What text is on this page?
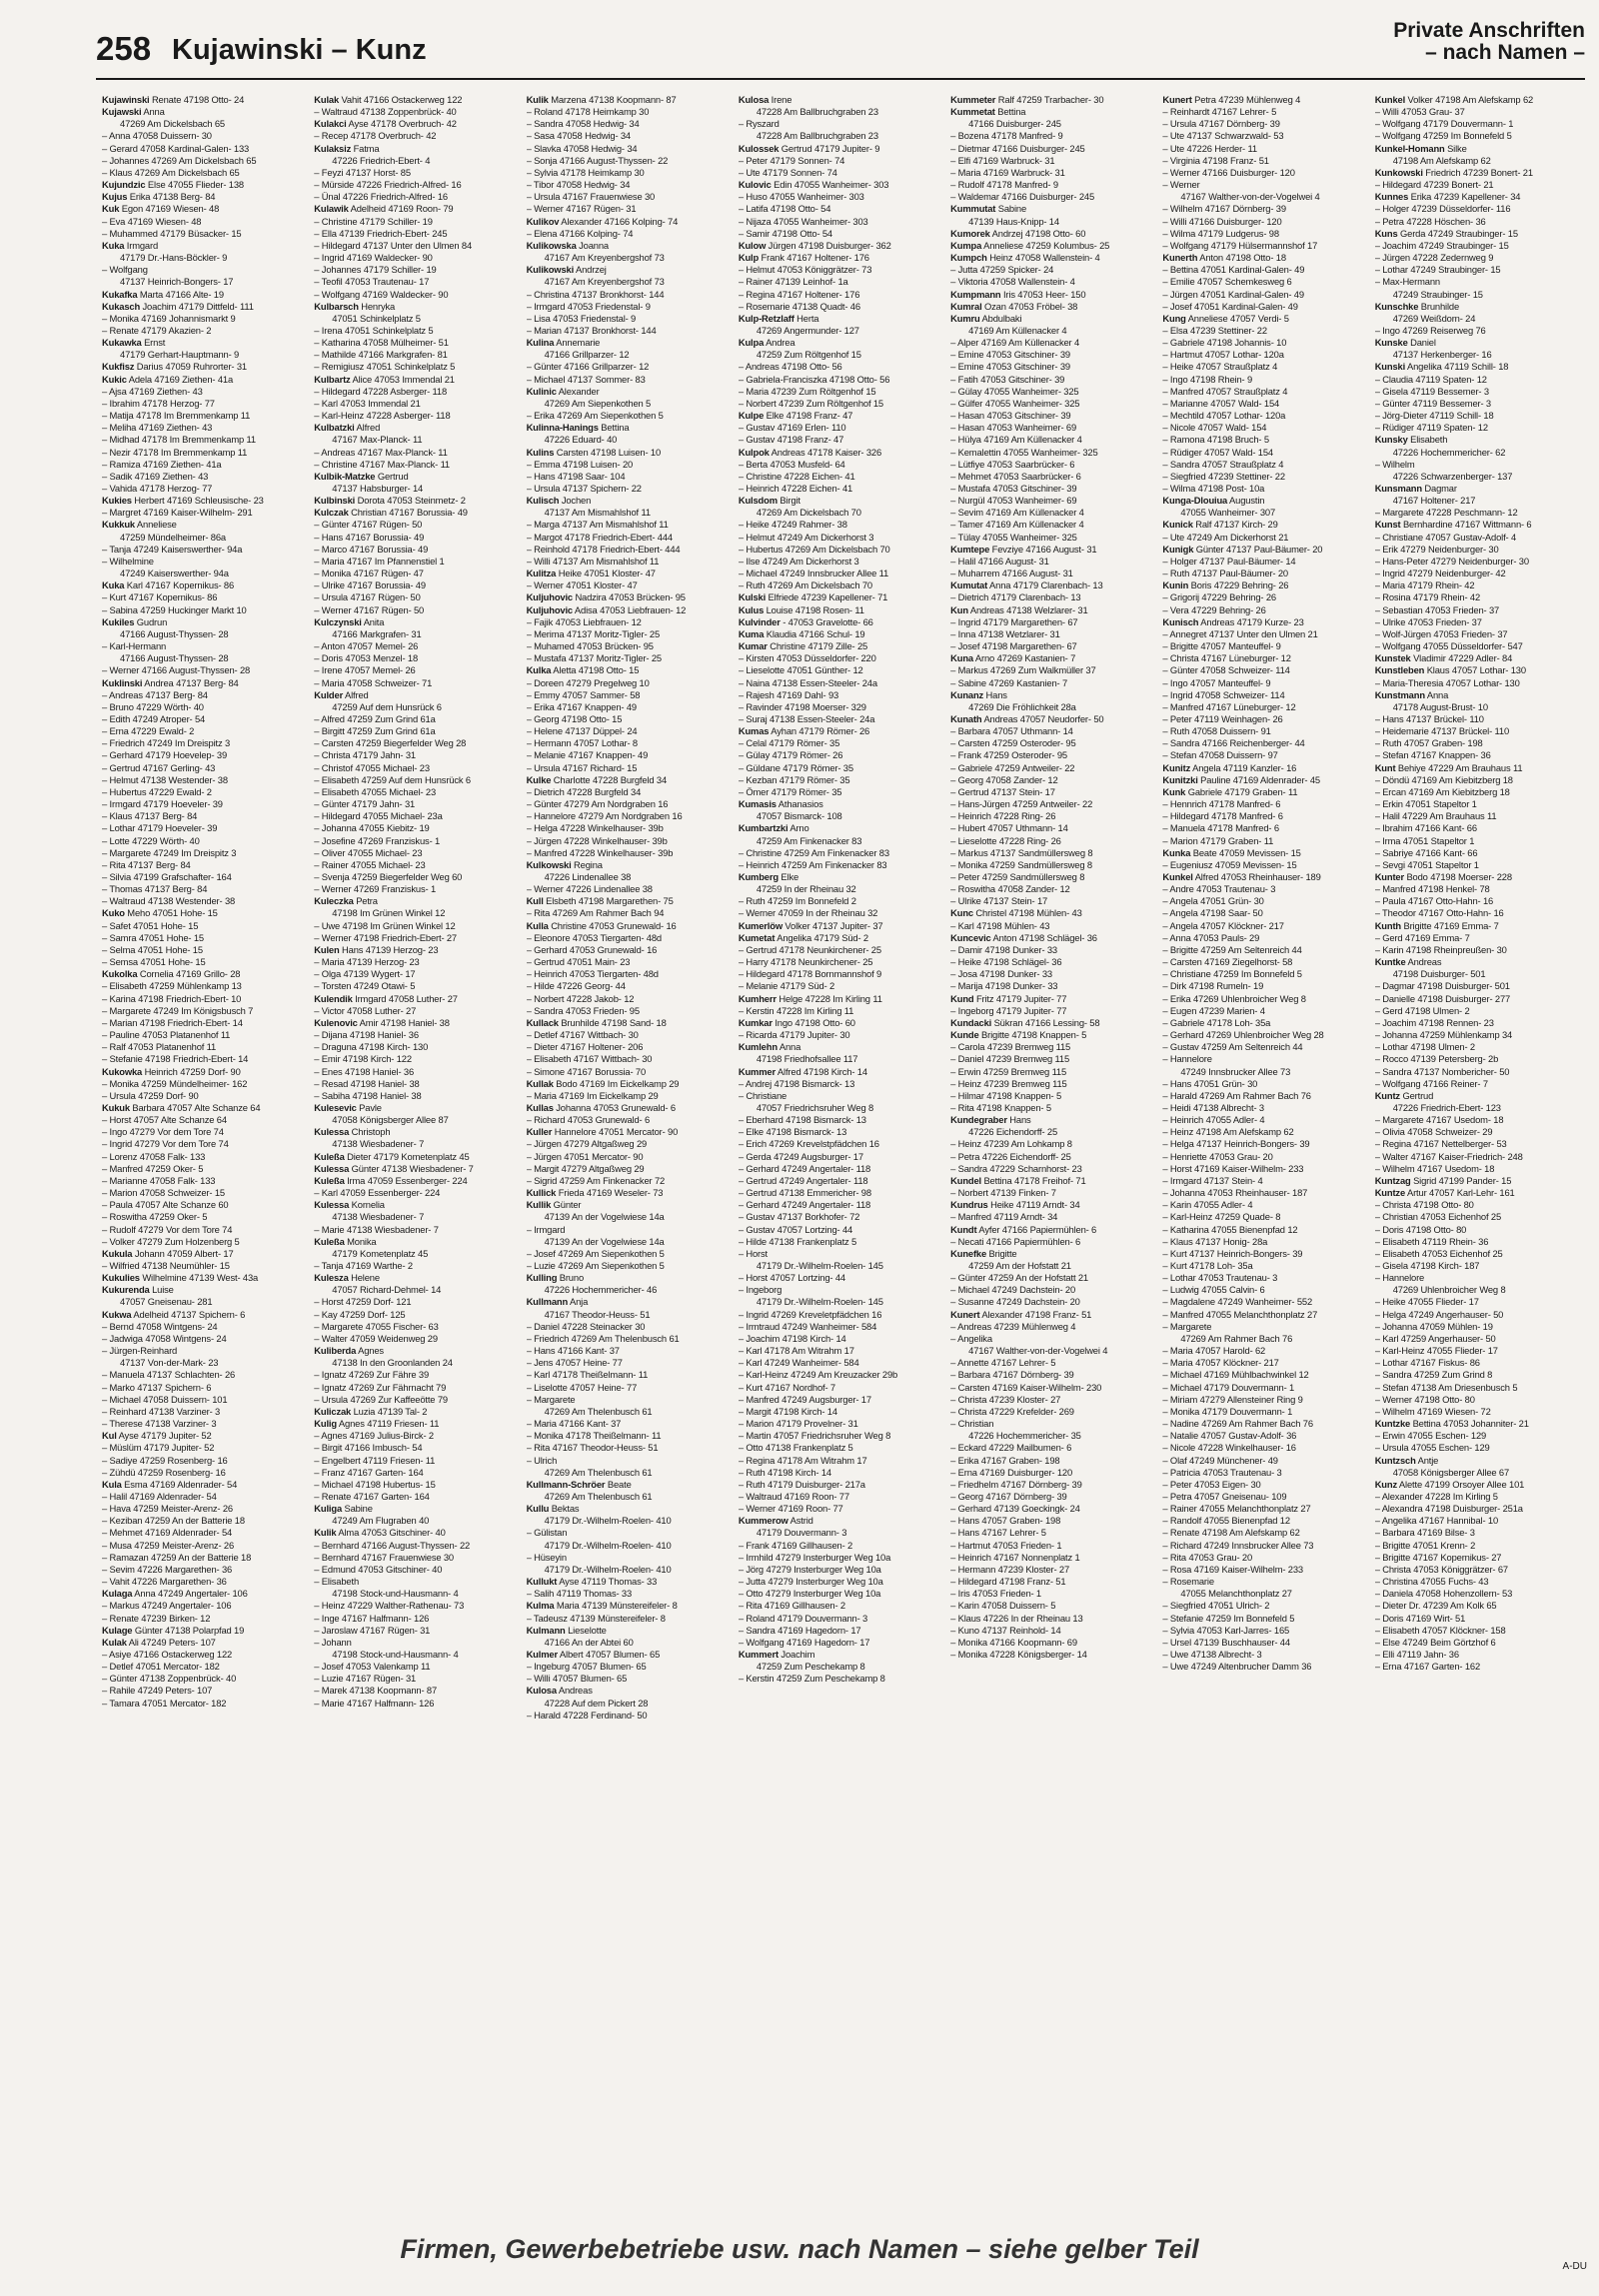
258 Kujawinski – Kunz
Private Anschriften
– nach Namen –
Kujawinski Renate 47198 Otto- 24
Kujawski Anna
47269 Am Dickelsbach 65
– Anna 47058 Duissern- 30
– Gerard 47058 Kardinal-Galen- 133
– Johannes 47269 Am Dickelsbach 65
– Klaus 47269 Am Dickelsbach 65
Kujundzic Else 47055 Flieder- 138
Kujus Erika 47138 Berg- 84
Kuk Egon 47169 Wiesen- 48
– Eva 47169 Wiesen- 48
– Muhammed 47179 Büsacker- 15
Kuka Irmgard
47179 Dr.-Hans-Böckler- 9
– Wolfgang
47137 Heinrich-Bongers- 17
Kukafka Marta 47166 Alte- 19
Kukasch Joachim 47179 Dittfeld- 111
– Monika 47169 Johannismarkt 9
– Renate 47179 Akazien- 2
Kukawka Ernst
47179 Gerhart-Hauptmann- 9
Kukfisz Darius 47059 Ruhrorter- 31
Kukic Adela 47169 Ziethen- 41a
– Ajsa 47169 Ziethen- 43
– Ibrahim 47178 Herzog- 77
– Matija 47178 Im Bremmenkamp 11
– Meliha 47169 Ziethen- 43
– Midhad 47178 Im Bremmenkamp 11
– Nezir 47178 Im Bremmenkamp 11
– Ramiza 47169 Ziethen- 41a
– Sadik 47169 Ziethen- 43
– Vahida 47178 Herzog- 77
Kukies Herbert 47169 Schleusische- 23
– Margret 47169 Kaiser-Wilhelm- 291
Kukkuk Anneliese
47259 Mündelheimer- 86a
– Tanja 47249 Kaiserswerther- 94a
– Wilhelmine
47249 Kaiserswerther- 94a
Kuka Karl 47167 Kopernikus- 86
– Kurt 47167 Kopernikus- 86
– Sabina 47259 Huckinger Markt 10
Kukiles Gudrun
47166 August-Thyssen- 28
– Karl-Hermann
47166 August-Thyssen- 28
– Werner 47166 August-Thyssen- 28
Kuklinski Andrea 47137 Berg- 84
– Andreas 47137 Berg- 84
– Bruno 47229 Wörth- 40
– Edith 47249 Atroper- 54
– Erna 47229 Ewald- 2
– Friedrich 47249 Im Dreispitz 3
– Gerhard 47179 Hoevelер- 39
– Gertrud 47167 Gerling- 43
– Helmut 47138 Westender- 38
– Hubertus 47229 Ewald- 2
– Irmgard 47179 Hoeveler- 39
– Klaus 47137 Berg- 84
– Lothar 47179 Hoeveler- 39
– Lotte 47229 Wörth- 40
– Margarete 47249 Im Dreispitz 3
– Rita 47137 Berg- 84
– Silvia 47199 Grafschafter- 164
– Thomas 47137 Berg- 84
– Waltraud 47138 Westender- 38
Kuko Meho 47051 Hohe- 15
– Safet 47051 Hohe- 15
– Samra 47051 Hohe- 15
– Selma 47051 Hohe- 15
– Semsa 47051 Hohe- 15
Kukolka Cornelia 47169 Grillo- 28
– Elisabeth 47259 Mühlenkamp 13
– Karina 47198 Friedrich-Ebert- 10
– Margarete 47249 Im Königsbusch 7
– Marian 47198 Friedrich-Ebert- 14
– Pauline 47053 Platanenhof 11
– Ralf 47053 Platanenhof 11
– Stefanie 47198 Friedrich-Ebert- 14
Kukowka Heinrich 47259 Dorf- 90
– Monika 47259 Mündelheimer- 162
– Ursula 47259 Dorf- 90
Kukuk Barbara 47057 Alte Schanze 64
– Horst 47057 Alte Schanze 64
– Ingo 47279 Vor dem Tore 74
– Ingrid 47279 Vor dem Tore 74
– Lorenz 47058 Falk- 133
– Manfred 47259 Oker- 5
– Marianne 47058 Falk- 133
– Marion 47058 Schweizer- 15
– Paula 47057 Alte Schanze 60
– Roswitha 47259 Oker- 5
– Rudolf 47279 Vor dem Tore 74
– Volker 47279 Zum Holzenberg 5
Kukula Johann 47059 Albert- 17
– Wilfried 47138 Neumühler- 15
Kukulies Wilhelmine 47139 West- 43a
Kukurenda Luise
47057 Gneisenau- 281
Kukwa Adelheid 47137 Spichern- 6
– Bernd 47058 Wintgens- 24
– Jadwiga 47058 Wintgens- 24
– Jürgen-Reinhard
47137 Von-der-Mark- 23
– Manuela 47137 Schlachten- 26
– Marko 47137 Spichern- 6
– Michael 47058 Duissern- 101
– Reinhard 47138 Varziner- 3
– Therese 47138 Varziner- 3
Kul Ayse 47179 Jupiter- 52
– Müslüm 47179 Jupiter- 52
– Sadiye 47259 Rosenberg- 16
– Zühdü 47259 Rosenberg- 16
Kula Esma 47169 Aldenrader- 54
– Halil 47169 Aldenrader- 54
– Hava 47259 Meister-Arenz- 26
– Keziban 47259 An der Batterie 18
– Mehmet 47169 Aldenrader- 54
– Musa 47259 Meister-Arenz- 26
– Ramazan 47259 An der Batterie 18
– Sevim 47226 Margarethen- 36
– Vahit 47226 Margarethen- 36
Kulaga Anna 47249 Angertaler- 106
– Markus 47249 Angertaler- 106
– Renate 47239 Birken- 12
Kulage Günter 47138 Polarpfad 19
Kulak Ali 47249 Peters- 107
– Asiye 47166 Ostackerweg 122
– Detlef 47051 Mercator- 182
– Günter 47138 Zoppenbrück- 40
– Rahile 47249 Peters- 107
– Tamara 47051 Mercator- 182
Kulak Vahit 47166 Ostackerweg 122
– Waltraud 47138 Zoppenbrück- 40
Kulakci Ayse 47178 Overbruch- 42
– Recep 47178 Overbruch- 42
Kulaksiz Fatma
47226 Friedrich-Ebert- 4
– Feyzi 47137 Horst- 85
– Mürside 47226 Friedrich-Alfred- 16
– Ünal 47226 Friedrich-Alfred- 16
Kulawik Adelheid 47169 Roon- 79
– Christine 47179 Schiller- 19
– Ella 47139 Friedrich-Ebert- 245
– Hildegard 47137 Unter den Ulmen 84
– Ingrid 47169 Waldecker- 90
– Johannes 47179 Schiller- 19
– Teofil 47053 Trautenau- 17
– Wolfgang 47169 Waldecker- 90
Kulbarsch Henryka
47051 Schinkelplatz 5
– Irena 47051 Schinkelplatz 5
– Katharina 47058 Mülheimer- 51
– Mathilde 47166 Markgrafen- 81
– Remigiusz 47051 Schinkelplatz 5
Kulbartz Alice 47053 Immendal 21
– Hildegard 47228 Asberger- 118
– Karl 47053 Immendal 21
– Karl-Heinz 47228 Asberger- 118
Kulbatzki Alfred
47167 Max-Planck- 11
– Andreas 47167 Max-Planck- 11
– Christine 47167 Max-Planck- 11
Kulbik-Matzke Gertrud
47137 Habsburger- 14
Kulbinski Dorota 47053 Steinmetz- 2
Kulczak Christian 47167 Borussia- 49
– Günter 47167 Rügen- 50
– Hans 47167 Borussia- 49
– Marco 47167 Borussia- 49
– Maria 47167 Im Pfannenstiel 1
– Monika 47167 Rügen- 47
– Ulrike 47167 Borussia- 49
– Ursula 47167 Rügen- 50
– Werner 47167 Rügen- 50
Kulczynski Anita
47166 Markgrafen- 31
– Anton 47057 Memel- 26
– Doris 47053 Menzel- 18
– Irene 47057 Memel- 26
– Maria 47058 Schweizer- 71
Kulder Alfred
47259 Auf dem Hunsrück 6
– Alfred 47259 Zum Grind 61a
– Birgitt 47259 Zum Grind 61a
– Carsten 47259 Biegerfelder Weg 28
– Christa 47179 Jahn- 31
– Christof 47055 Michael- 23
– Elisabeth 47259 Auf dem Hunsrück 6
– Elisabeth 47055 Michael- 23
– Günter 47179 Jahn- 31
– Hildegard 47055 Michael- 23a
– Johanna 47055 Kiebitz- 19
– Josefine 47269 Franziskus- 1
– Oliver 47055 Michael- 23
– Rainer 47055 Michael- 23
– Svenja 47259 Biegerfelder Weg 60
– Werner 47269 Franziskus- 1
Kuleczka Petra
47198 Im Grünen Winkel 12
– Uwe 47198 Im Grünen Winkel 12
– Werner 47198 Friedrich-Ebert- 27
Kulen Hans 47139 Herzog- 23
– Maria 47139 Herzog- 23
– Olga 47139 Wygert- 17
– Torsten 47249 Otawi- 5
Kulendik Irmgard 47058 Luther- 27
– Victor 47058 Luther- 27
Kulenovic Amir 47198 Haniel- 38
– Dijana 47198 Haniel- 36
– Draguna 47198 Kirch- 130
– Emir 47198 Kirch- 122
– Enes 47198 Haniel- 36
– Resad 47198 Haniel- 38
– Sabiha 47198 Haniel- 38
Kulesevic Pavle
47058 Königsberger Allee 87
Kulessa Christoph
47138 Wiesbadener- 7
Kuleßa Dieter 47179 Kometenplatz 45
Kulessa Günter 47138 Wiesbadener- 7
Kuleßa Irma 47059 Essenberger- 224
– Karl 47059 Essenberger- 224
Kulessa Kornelia
47138 Wiesbadener- 7
– Marie 47138 Wiesbadener- 7
Kuleßa Monika
47179 Kometenplatz 45
– Tanja 47169 Warthe- 2
Kulesza Helene
47057 Richard-Dehmel- 14
– Horst 47259 Dorf- 121
– Kay 47259 Dorf- 125
– Margarete 47055 Fischer- 63
– Walter 47059 Weidenweg 29
Kuliberda Agnes
47138 In den Groonlanden 24
– Ignatz 47269 Zur Fähre 39
– Ignatz 47269 Zur Fährnacht 79
– Ursula 47269 Zur Kaffeeötte 79
Kuliczak Luzia 47139 Tal- 2
Kulig Agnes 47119 Friesen- 11
– Agnes 47169 Julius-Birck- 2
– Birgit 47166 Imbusch- 54
– Engelbert 47119 Friesen- 11
– Franz 47167 Garten- 164
– Michael 47198 Hubertus- 15
– Renate 47167 Garten- 164
Kuliga Sabine
47249 Am Flugraben 40
Kulik Alma 47053 Gitschiner- 40
– Bernhard 47166 August-Thyssen- 22
– Bernhard 47167 Frauenwiese 30
– Edmund 47053 Gitschiner- 40
– Elisabeth
47198 Stock-und-Hausmann- 4
– Heinz 47229 Walther-Rathenau- 73
– Inge 47167 Halfmann- 126
– Jaroslaw 47167 Rügen- 31
– Johann
47198 Stock-und-Hausmann- 4
– Josef 47053 Valenkamp 11
– Luzie 47167 Rügen- 31
– Marek 47138 Koopmann- 87
– Marie 47167 Halfmann- 126
Kulik Marzena 47138 Koopmann- 87
– Roland 47178 Heimkamp 30
– Sandra 47058 Hedwig- 34
– Sasa 47058 Hedwig- 34
– Slavka 47058 Hedwig- 34
– Sonja 47166 August-Thyssen- 22
– Sylvia 47178 Heimkamp 30
– Tibor 47058 Hedwig- 34
– Ursula 47167 Frauenwiese 30
– Werner 47167 Rügen- 31
Kulikov Alexander 47166 Kolping- 74
– Elena 47166 Kolping- 74
Kulikowska Joanna
47167 Am Kreyenbergshof 73
Kulikowski Andrzej
47167 Am Kreyenbergshof 73
– Christina 47137 Bronkhorst- 144
– Irmgard 47053 Friedenstal- 9
– Lisa 47053 Friedenstal- 9
– Marian 47137 Bronkhorst- 144
Kulina Annemarie
47166 Grillparzer- 12
– Günter 47166 Grillparzer- 12
– Michael 47137 Sommer- 83
Kulinic Alexander
47269 Am Siepenkothen 5
– Erika 47269 Am Siepenkothen 5
Kulinna-Hanings Bettina
47226 Eduard- 40
Kulins Carsten 47198 Luisen- 10
– Emma 47198 Luisen- 20
– Hans 47198 Saar- 104
– Ursula 47137 Spichern- 22
Kulisch Jochen
47137 Am Mismahlshof 11
– Marga 47137 Am Mismahlshof 11
– Margot 47178 Friedrich-Ebert- 444
– Reinhold 47178 Friedrich-Ebert- 444
– Willi 47137 Am Mismahlshof 11
Kulitza Heike 47051 Kloster- 47
– Werner 47051 Kloster- 47
Kuljuhovic Nadzira 47053 Brücken- 95
Kuljuhovic Adisa 47053 Liebfrauen- 12
– Fajik 47053 Liebfrauen- 12
– Merima 47137 Moritz-Tigler- 25
– Muhamed 47053 Brücken- 95
– Mustafa 47137 Moritz-Tigler- 25
Kulka Aletta 47198 Otto- 15
– Doreen 47279 Pregelweg 10
– Emmy 47057 Sammer- 58
– Erika 47167 Knappen- 49
– Georg 47198 Otto- 15
– Helene 47137 Düppel- 24
– Hermann 47057 Lothar- 8
– Melanie 47167 Knappen- 49
– Ursula 47167 Richard- 15
Kulke Charlotte 47228 Burgfeld 34
– Dietrich 47228 Burgfeld 34
– Günter 47279 Am Nordgraben 16
– Hannelore 47279 Am Nordgraben 16
– Helga 47228 Winkelhauser- 39b
– Jürgen 47228 Winkelhauser- 39b
– Manfred 47228 Winkelhauser- 39b
Kulkowski Regina
47226 Lindenallee 38
– Werner 47226 Lindenallee 38
Kull Elsbeth 47198 Margarethen- 75
– Rita 47269 Am Rahmer Bach 94
Kulla Christine 47053 Grunewald- 16
– Eleonore 47053 Tiergarten- 48d
– Gerhard 47053 Grunewald- 16
– Gertrud 47051 Main- 23
– Heinrich 47053 Tiergarten- 48d
– Hilde 47226 Georg- 44
– Norbert 47228 Jakob- 12
– Sandra 47053 Frieden- 95
Kullack Brunhilde 47198 Sand- 18
– Detlef 47167 Wittbach- 30
– Dieter 47167 Holtener- 206
– Elisabeth 47167 Wittbach- 30
– Simone 47167 Borussia- 70
Kullak Bodo 47169 Im Eickelkamp 29
– Maria 47169 Im Eickelkamp 29
Kullas Johanna 47053 Grunewald- 6
– Richard 47053 Grunewald- 6
Kuller Hannelore 47051 Mercator- 90
– Jürgen 47279 Altgaßweg 29
– Jürgen 47051 Mercator- 90
– Margit 47279 Altgaßweg 29
– Sigrid 47259 Am Finkenacker 72
Kullick Frieda 47169 Weseler- 73
Kullik Günter
47139 An der Vogelwiese 14a
– Irmgard
47139 An der Vogelwiese 14a
– Josef 47269 Am Siepenkothen 5
– Luzie 47269 Am Siepenkothen 5
Kulling Bruno
47226 Hochemmericher- 46
Kullmann Anja
47167 Theodor-Heuss- 51
– Daniel 47228 Steinacker 30
– Friedrich 47269 Am Thelenbusch 61
– Hans 47166 Kant- 37
– Jens 47057 Heine- 77
– Karl 47178 Theißelmann- 11
– Liselotte 47057 Heine- 77
– Margarete
47269 Am Thelenbusch 61
– Maria 47166 Kant- 37
– Monika 47178 Theißelmann- 11
– Rita 47167 Theodor-Heuss- 51
– Ulrich
47269 Am Thelenbusch 61
Kullmann-Schröer Beate
47269 Am Thelenbusch 61
Kullu Bektas
47179 Dr.-Wilhelm-Roelen- 410
– Gülistan
47179 Dr.-Wilhelm-Roelen- 410
– Hüseyin
47179 Dr.-Wilhelm-Roelen- 410
Kullukt Ayse 47119 Thomas- 33
– Salih 47119 Thomas- 33
Kulma Maria 47139 Münstereifeler- 8
– Tadeusz 47139 Münstereifeler- 8
Kulmann Lieselotte
47166 An der Abtei 60
Kulmer Albert 47057 Blumen- 65
– Ingeburg 47057 Blumen- 65
– Willi 47057 Blumen- 65
Kulosa Andreas
47228 Auf dem Pickert 28
– Harald 47228 Ferdinand- 50
Kulosa Irene
47228 Am Ballbruchgraben 23
– Ryszard
47228 Am Ballbruchgraben 23
Kulossek Gertrud 47179 Jupiter- 9
– Peter 47179 Sonnen- 74
– Ute 47179 Sonnen- 74
Kulovic Edin 47055 Wanheimer- 303
– Huso 47055 Wanheimer- 303
– Latifa 47198 Otto- 54
– Nijaza 47055 Wanheimer- 303
– Samir 47198 Otto- 54
Kulow Jürgen 47198 Duisburger- 362
Kulp Frank 47167 Holtener- 176
– Helmut 47053 Königgrätzer- 73
– Rainer 47139 Leinhof- 1a
– Regina 47167 Holtener- 176
– Rosemarie 47138 Quadt- 46
Kulp-Retzlaff Herta
47269 Angermunder- 127
Kulpa Andrea
47259 Zum Röltgenhof 15
– Andreas 47198 Otto- 56
– Gabriela-Franciszka 47198 Otto- 56
– Maria 47239 Zum Röltgenhof 15
– Norbert 47239 Zum Röltgenhof 15
Kulpe Elke 47198 Franz- 47
– Gustav 47169 Erlen- 110
– Gustav 47198 Franz- 47
Kulpok Andreas 47178 Kaiser- 326
– Berta 47053 Musfeld- 64
– Christine 47228 Eichen- 41
– Heinrich 47228 Eichen- 41
Kulsdom Birgit
47269 Am Dickelsbach 70
– Heike 47249 Rahmer- 38
– Helmut 47249 Am Dickerhorst 3
– Hubertus 47269 Am Dickelsbach 70
– Ilse 47249 Am Dickerhorst 3
– Michael 47249 Innsbrucker Allee 11
– Ruth 47269 Am Dickelsbach 70
Kulski Elfriede 47239 Kapellener- 71
Kulus Louise 47198 Rosen- 11
Kulvinder - 47053 Gravelotte- 66
Kuma Klaudia 47166 Schul- 19
Kumar Christine 47179 Zille- 25
– Kirsten 47053 Düsseldorfer- 220
– Lieselotte 47051 Günther- 12
– Naina 47138 Essen-Steeler- 24a
– Rajesh 47169 Dahl- 93
– Ravinder 47198 Moerser- 329
– Suraj 47138 Essen-Steeler- 24a
Kumas Ayhan 47179 Römer- 26
– Celal 47179 Römer- 35
– Gülay 47179 Römer- 26
– Güldane 47179 Römer- 35
– Kezban 47179 Römer- 35
– Ömer 47179 Römer- 35
Kumasis Athanasios
47057 Bismarck- 108
Kumbartzki Arno
47259 Am Finkenacker 83
– Christine 47259 Am Finkenacker 83
– Heinrich 47259 Am Finkenacker 83
Kumberg Elke
47259 In der Rheinau 32
– Ruth 47259 Im Bonnefeld 2
– Werner 47059 In der Rheinau 32
Kumerlöw Volker 47137 Jupiter- 37
Kumetat Angelika 47179 Süd- 2
– Gertrud 47178 Neunkirchener- 25
– Harry 47178 Neunkirchener- 25
– Hildegard 47178 Bornmannshof 9
– Melanie 47179 Süd- 2
Kumherr Helge 47228 Im Kirling 11
– Kerstin 47228 Im Kirling 11
Kumkar Ingo 47198 Otto- 60
– Ricarda 47179 Jupiter- 30
Kumlehn Anna
47198 Friedhofsallee 117
Kummer Alfred 47198 Kirch- 14
– Andrej 47198 Bismarck- 13
– Christiane
47057 Friedrichsruher Weg 8
– Eberhard 47198 Bismarck- 13
– Elke 47198 Bismarck- 13
– Erich 47269 Krevelstpfädchen 16
– Gerda 47249 Augsburger- 17
– Gerhard 47249 Angertaler- 118
– Gertrud 47249 Angertaler- 118
– Gertrud 47138 Emmericher- 98
– Gerhard 47249 Angertaler- 118
– Gustav 47137 Borkhofer- 72
– Gustav 47057 Lortzing- 44
– Hilde 47138 Frankenplatz 5
– Horst
47179 Dr.-Wilhelm-Roelen- 145
– Horst 47057 Lortzing- 44
– Ingeborg
47179 Dr.-Wilhelm-Roelen- 145
– Ingrid 47269 Kreveletpfädchen 16
– Irmtraud 47249 Wanheimer- 584
– Joachim 47198 Kirch- 14
– Karl 47178 Am Witrahm 17
– Karl 47249 Wanheimer- 584
– Karl-Heinz 47249 Am Kreuzacker 29b
– Kurt 47167 Nordhof- 7
– Manfred 47249 Augsburger- 17
– Margit 47198 Kirch- 14
– Marion 47179 Provelner- 31
– Martin 47057 Friedrichsruher Weg 8
– Otto 47138 Frankenplatz 5
– Regina 47178 Am Witrahm 17
– Ruth 47198 Kirch- 14
– Ruth 47179 Duisburger- 217a
– Waltraud 47169 Roon- 77
– Werner 47169 Roon- 77
Kummerow Astrid
47179 Douvermann- 3
– Frank 47169 Gillhausen- 2
– Irmhild 47279 Insterburger Weg 10a
– Jörg 47279 Insterburger Weg 10a
– Jutta 47279 Insterburger Weg 10a
– Otto 47279 Insterburger Weg 10a
– Rita 47169 Gillhausen- 2
– Roland 47179 Douvermann- 3
– Sandra 47169 Hagedorn- 17
– Wolfgang 47169 Hagedorn- 17
Kummert Joachim
47259 Zum Peschekamp 8
– Kerstin 47259 Zum Peschekamp 8
Kummeter Ralf 47259 Trarbacher- 30
Kummetat Bettina
47166 Duisburger- 245
– Bozena 47178 Manfred- 9
– Dietmar 47166 Duisburger- 245
– Elfi 47169 Warbruck- 31
– Maria 47169 Warbruck- 31
– Rudolf 47178 Manfred- 9
– Waldemar 47166 Duisburger- 245
Kummutat Sabine
47139 Haus-Knipp- 14
Kumorek Andrzej 47198 Otto- 60
Kumpa Anneliese 47259 Kolumbus- 25
Kumpch Heinz 47058 Wallenstein- 4
– Jutta 47259 Spicker- 24
– Viktoria 47058 Wallenstein- 4
Kumpmann Iris 47053 Heer- 150
Kumral Ozan 47053 Fröbel- 38
Kumru Abdulbaki
47169 Am Küllenacker 4
– Alper 47169 Am Küllenacker 4
– Emine 47053 Gitschiner- 39
– Emine 47053 Gitschiner- 39
– Fatih 47053 Gitschiner- 39
– Gülay 47055 Wanheimer- 325
– Gülfer 47055 Wanheimer- 325
– Hasan 47053 Gitschiner- 39
– Hasan 47053 Wanheimer- 69
– Hülya 47169 Am Küllenacker 4
– Kemalettin 47055 Wanheimer- 325
– Lütfiye 47053 Saarbrücker- 6
– Mehmet 47053 Saarbrücker- 6
– Mustafa 47053 Gitschiner- 39
– Nurgül 47053 Wanheimer- 69
– Sevim 47169 Am Küllenacker 4
– Tamer 47169 Am Küllenacker 4
– Tülay 47055 Wanheimer- 325
Kumtepe Fevziye 47166 August- 31
– Halil 47166 August- 31
– Muharrem 47166 August- 31
Kumutat Anna 47179 Clarenbach- 13
– Dietrich 47179 Clarenbach- 13
Kun Andreas 47138 Welzlarer- 31
– Ingrid 47179 Margarethen- 67
– Inna 47138 Wetzlarer- 31
– Josef 47198 Margarethen- 67
Kuna Arno 47269 Kastanien- 7
– Markus 47269 Zum Walkmüller 37
– Sabine 47269 Kastanien- 7
Kunanz Hans
47269 Die Fröhlichkeit 28a
Kunath Andreas 47057 Neudorfer- 50
– Barbara 47057 Uthmann- 14
– Carsten 47259 Osteroder- 95
– Frank 47259 Osteroder- 95
– Gabriele 47259 Antweiler- 22
– Georg 47058 Zander- 12
– Gertrud 47137 Stein- 17
– Hans-Jürgen 47259 Antweiler- 22
– Heinrich 47228 Ring- 26
– Hubert 47057 Uthmann- 14
– Lieselotte 47228 Ring- 26
– Markus 47137 Sandmüllersweg 8
– Monika 47259 Sandmüllersweg 8
– Peter 47259 Sandmüllersweg 8
– Roswitha 47058 Zander- 12
– Ulrike 47137 Stein- 17
Kunc Christel 47198 Mühlen- 43
– Karl 47198 Mühlen- 43
Kuncevic Anton 47198 Schlägel- 36
– Damir 47198 Dunker- 33
– Heike 47198 Schlägel- 36
– Josa 47198 Dunker- 33
– Marija 47198 Dunker- 33
Kund Fritz 47179 Jupiter- 77
– Ingeborg 47179 Jupiter- 77
Kundacki Sükran 47166 Lessing- 58
Kunde Brigitte 47198 Knappen- 5
– Carola 47239 Bremweg 115
– Daniel 47239 Bremweg 115
– Erwin 47259 Bremweg 115
– Heinz 47239 Bremweg 115
– Hilmar 47198 Knappen- 5
– Rita 47198 Knappen- 5
Kundegraber Hans
47226 Eichendorff- 25
– Heinz 47239 Am Lohkamp 8
– Petra 47226 Eichendorff- 25
– Sandra 47229 Scharnhorst- 23
Kundel Bettina 47178 Freihof- 71
– Norbert 47139 Finken- 7
Kundrus Heike 47119 Arndt- 34
– Manfred 47119 Arndt- 34
Kundt Ayfer 47166 Papiermühlen- 6
– Necati 47166 Papiermühlen- 6
Kunefke Brigitte
47259 Am der Hofstatt 21
– Günter 47259 An der Hofstatt 21
– Michael 47249 Dachstein- 20
– Susanne 47249 Dachstein- 20
Kunert Alexander 47198 Franz- 51
– Andreas 47239 Mühlenweg 4
– Angelika
47167 Walther-von-der-Vogelwei 4
– Annette 47167 Lehrer- 5
– Barbara 47167 Dörnberg- 39
– Carsten 47169 Kaiser-Wilhelm- 230
– Christa 47239 Kloster- 27
– Christa 47229 Krefelder- 269
– Christian
47226 Hochemmericher- 35
– Eckard 47229 Mailbumen- 6
– Erika 47167 Graben- 198
– Erna 47169 Duisburger- 120
– Friedhelm 47167 Dörnberg- 39
– Georg 47167 Dörnberg- 39
– Gerhard 47139 Goeckingk- 24
– Hans 47057 Graben- 198
– Hans 47167 Lehrer- 5
– Hartmut 47053 Frieden- 1
– Heinrich 47167 Nonnenplatz 1
– Hermann 47239 Kloster- 27
– Hildegard 47198 Franz- 51
– Iris 47053 Frieden- 1
– Karin 47058 Duissern- 5
– Klaus 47226 In der Rheinau 13
– Kuno 47137 Reinhold- 14
– Monika 47166 Koopmann- 69
– Monika 47228 Königsberger- 14
Kunert Petra 47239 Mühlenweg 4
– Reinhardt 47167 Lehrer- 5
– Ursula 47167 Dörnberg- 39
– Ute 47137 Schwarzwald- 53
– Ute 47226 Herder- 11
– Virginia 47198 Franz- 51
– Werner 47166 Duisburger- 120
– Werner
47167 Walther-von-der-Vogelwei 4
– Wilhelm 47167 Dörnberg- 39
– Willi 47166 Duisburger- 120
– Wilma 47179 Ludgerus- 98
– Wolfgang 47179 Hülsermannshof 17
Kunerth Anton 47198 Otto- 18
– Bettina 47051 Kardinal-Galen- 49
– Emilie 47057 Schemkesweg 6
– Jürgen 47051 Kardinal-Galen- 49
– Josef 47051 Kardinal-Galen- 49
Kung Anneliese 47057 Verdi- 5
– Elsa 47239 Stettiner- 22
– Gabriele 47198 Johannis- 10
– Hartmut 47057 Lothar- 120a
– Heike 47057 Straußplatz 4
– Ingo 47198 Rhein- 9
– Manfred 47057 Straußplatz 4
– Marianne 47057 Wald- 154
– Mechtild 47057 Lothar- 120a
– Nicole 47057 Wald- 154
– Ramona 47198 Bruch- 5
– Rüdiger 47057 Wald- 154
– Sandra 47057 Straußplatz 4
– Siegfried 47239 Stettiner- 22
– Wilma 47198 Post- 10a
Kunga-Dlouiua Augustin
47055 Wanheimer- 307
Kunick Ralf 47137 Kirch- 29
– Ute 47249 Am Dickerhorst 21
Kunigk Günter 47137 Paul-Bäumer- 20
– Holger 47137 Paul-Bäumer- 14
– Ruth 47137 Paul-Bäumer- 20
Kunin Boris 47229 Behring- 26
– Grigorij 47229 Behring- 26
– Vera 47229 Behring- 26
Kunisch Andreas 47179 Kurze- 23
– Annegret 47137 Unter den Ulmen 21
– Brigitte 47057 Manteuffel- 9
– Christa 47167 Lüneburger- 12
– Günter 47058 Schweizer- 114
– Ingo 47057 Manteuffel- 9
– Ingrid 47058 Schweizer- 114
– Manfred 47167 Lüneburger- 12
– Peter 47119 Weinhagen- 26
– Ruth 47058 Duissern- 91
– Sandra 47166 Reichenberger- 44
– Stefan 47058 Duissern- 97
Kunitz Angela 47119 Kanzler- 16
Kunitzki Pauline 47169 Aldenrader- 45
Kunk Gabriele 47179 Graben- 11
– Hennrich 47178 Manfred- 6
– Hildegard 47178 Manfred- 6
– Manuela 47178 Manfred- 6
– Marion 47179 Graben- 11
Kunka Beate 47059 Mevissen- 15
– Eugeniusz 47059 Mevissen- 15
Kunkel Alfred 47053 Rheinhauser- 189
– Andre 47053 Trautenau- 3
– Angela 47051 Grün- 30
– Angela 47198 Saar- 50
– Angela 47057 Klöckner- 217
– Anna 47053 Pauls- 29
– Brigitte 47259 Am Seltenreich 44
– Carsten 47169 Ziegelhorst- 58
– Christiane 47259 Im Bonnefeld 5
– Dirk 47198 Rumeln- 19
– Erika 47269 Uhlenbroicher Weg 8
– Eugen 47239 Marien- 4
– Gabriele 47178 Loh- 35a
– Gerhard 47269 Uhlenbroicher Weg 28
– Gustav 47259 Am Seltenreich 44
– Hannelore
47249 Innsbrucker Allee 73
– Hans 47051 Grün- 30
– Harald 47269 Am Rahmer Bach 76
– Heidi 47138 Albrecht- 3
– Heinrich 47055 Adler- 4
– Heinz 47198 Am Alefskamp 62
– Helga 47137 Heinrich-Bongers- 39
– Henriette 47053 Grau- 20
– Horst 47169 Kaiser-Wilhelm- 233
– Irmgard 47137 Stein- 4
– Johanna 47053 Rheinhauser- 187
– Karin 47055 Adler- 4
– Karl-Heinz 47259 Quade- 8
– Katharina 47055 Bienenpfad 12
– Klaus 47137 Honig- 28a
– Kurt 47137 Heinrich-Bongers- 39
– Kurt 47178 Loh- 35a
– Lothar 47053 Trautenau- 3
– Ludwig 47055 Calvin- 6
– Magdalene 47249 Wanheimer- 552
– Manfred 47055 Melanchthonplatz 27
– Margarete
47269 Am Rahmer Bach 76
– Maria 47057 Harold- 62
– Maria 47057 Klöckner- 217
– Michael 47169 Mühlbachwinkel 12
– Michael 47179 Douvermann- 1
– Miriam 47279 Allensteiner Ring 9
– Monika 47179 Douvermann- 1
– Nadine 47269 Am Rahmer Bach 76
– Natalie 47057 Gustav-Adolf- 36
– Nicole 47228 Winkelhauser- 16
– Olaf 47249 Münchener- 49
– Patricia 47053 Trautenau- 3
– Peter 47053 Eigen- 30
– Petra 47057 Gneisenau- 109
– Rainer 47055 Melanchthonplatz 27
– Randolf 47055 Bienenpfad 12
– Renate 47198 Am Alefskamp 62
– Richard 47249 Innsbrucker Allee 73
– Rita 47053 Grau- 20
– Rosa 47169 Kaiser-Wilhelm- 233
– Rosemarie
47055 Melanchthonplatz 27
– Siegfried 47051 Ulrich- 2
– Stefanie 47259 Im Bonnefeld 5
– Sylvia 47053 Karl-Jarres- 165
– Ursel 47139 Buschhauser- 44
– Uwe 47138 Albrecht- 3
– Uwe 47249 Altenbrucher Damm 36
Kunkel Volker 47198 Am Alefskamp 62
– Willi 47053 Grau- 37
– Wolfgang 47179 Douvermann- 1
– Wolfgang 47259 Im Bonnefeld 5
Kunkel-Homann Silke
47198 Am Alefskamp 62
Kunkowski Friedrich 47239 Bonert- 21
– Hildegard 47239 Bonert- 21
Kunnes Erika 47239 Kapellener- 34
– Holger 47239 Düsseldorfer- 116
– Petra 47228 Höschen- 36
Kuns Gerda 47249 Straubinger- 15
– Joachim 47249 Straubinger- 15
– Jürgen 47228 Zedernweg 9
– Lothar 47249 Straubinger- 15
– Max-Hermann
47249 Straubinger- 15
Kunschke Brunhilde
47269 Weißdorn- 24
– Ingo 47269 Reiserweg 76
Kunske Daniel
47137 Herkenberger- 16
Kunski Angelika 47119 Schill- 18
– Claudia 47119 Spaten- 12
– Gisela 47119 Bessemer- 3
– Günter 47119 Bessemer- 3
– Jörg-Dieter 47119 Schill- 18
– Rüdiger 47119 Spaten- 12
Kunsky Elisabeth
47226 Hochemmericher- 62
– Wilhelm
47226 Schwarzenberger- 137
Kunsmann Dagmar
47167 Holtener- 217
– Margarete 47228 Peschmann- 12
Kunst Bernhardine 47167 Wittmann- 6
– Christiane 47057 Gustav-Adolf- 4
– Erik 47279 Neidenburger- 30
– Hans-Peter 47279 Neidenburger- 30
– Ingrid 47279 Neidenburger- 42
– Maria 47179 Rhein- 42
– Rosina 47179 Rhein- 42
– Sebastian 47053 Frieden- 37
– Ulrike 47053 Frieden- 37
– Wolf-Jürgen 47053 Frieden- 37
– Wolfgang 47055 Düsseldorfer- 547
Kunstek Vladimir 47229 Adler- 84
Kunstleben Klaus 47057 Lothar- 130
– Maria-Theresia 47057 Lothar- 130
Kunstmann Anna
47178 August-Brust- 10
– Hans 47137 Brückel- 110
– Heidemarie 47137 Brückel- 110
– Ruth 47057 Graben- 198
– Stefan 47167 Knappen- 36
Kunt Behiye 47229 Am Brauhaus 11
– Döndü 47169 Am Kiebitzberg 18
– Ercan 47169 Am Kiebitzberg 18
– Erkin 47051 Stapeltor 1
– Halil 47229 Am Brauhaus 11
– Ibrahim 47166 Kant- 66
– Irma 47051 Stapeltor 1
– Sabriye 47166 Kant- 66
– Sevgi 47051 Stapeltor 1
Kunter Bodo 47198 Moerser- 228
– Manfred 47198 Henkel- 78
– Paula 47167 Otto-Hahn- 16
– Theodor 47167 Otto-Hahn- 16
Kunth Brigitte 47169 Emma- 7
– Gerd 47169 Emma- 7
– Karin 47198 Rheinpreußen- 30
Kuntke Andreas
47198 Duisburger- 501
– Dagmar 47198 Duisburger- 501
– Danielle 47198 Duisburger- 277
– Gerd 47198 Ulmen- 2
– Joachim 47198 Rennen- 23
– Johanna 47259 Mühlenkamp 34
– Lothar 47198 Ulmen- 2
– Rocco 47139 Petersberg- 2b
– Sandra 47137 Nombericher- 50
– Wolfgang 47166 Reiner- 7
Kuntz Gertrud
47226 Friedrich-Ebert- 123
– Margarete 47167 Usedom- 18
– Olivia 47058 Schweizer- 29
– Regina 47167 Nettelberger- 53
– Walter 47167 Kaiser-Friedrich- 248
– Wilhelm 47167 Usedom- 18
Kuntzag Sigrid 47199 Pander- 15
Kuntze Artur 47057 Karl-Lehr- 161
– Christa 47198 Otto- 80
– Christian 47053 Eichenhof 25
– Doris 47198 Otto- 80
– Elisabeth 47119 Rhein- 36
– Elisabeth 47053 Eichenhof 25
– Gisela 47198 Kirch- 187
– Hannelore
47269 Uhlenbroicher Weg 8
– Heike 47055 Flieder- 17
– Helga 47249 Angerhauser- 50
– Johanna 47059 Mühlen- 19
– Karl 47259 Angerhauser- 50
– Karl-Heinz 47055 Flieder- 17
– Lothar 47167 Fiskus- 86
– Sandra 47259 Zum Grind 8
– Stefan 47138 Am Driesenbusch 5
– Werner 47198 Otto- 80
– Wilhelm 47169 Wiesen- 72
Kuntzke Bettina 47053 Johanniter- 21
– Erwin 47055 Eschen- 129
– Ursula 47055 Eschen- 129
Kuntzsch Antje
47058 Königsberger Allee 67
Kunz Alette 47199 Orsoyer Allee 101
– Alexander 47228 Im Kirling 5
– Alexandra 47198 Duisburger- 251a
– Angelika 47167 Hannibal- 10
– Barbara 47169 Bilse- 3
– Brigitte 47051 Krenn- 2
– Brigitte 47167 Kopernikus- 27
– Christa 47053 Königgrätzer- 67
– Christina 47055 Fuchs- 43
– Daniela 47058 Hohenzollern- 53
– Dieter Dr. 47239 Am Kolk 65
– Doris 47169 Wirt- 51
– Elisabeth 47057 Klöckner- 158
– Else 47249 Beim Görtzhof 6
– Elli 47119 Jahn- 36
– Erna 47167 Garten- 162
Firmen, Gewerbebetriebe usw. nach Namen – siehe gelber Teil
A-DU
